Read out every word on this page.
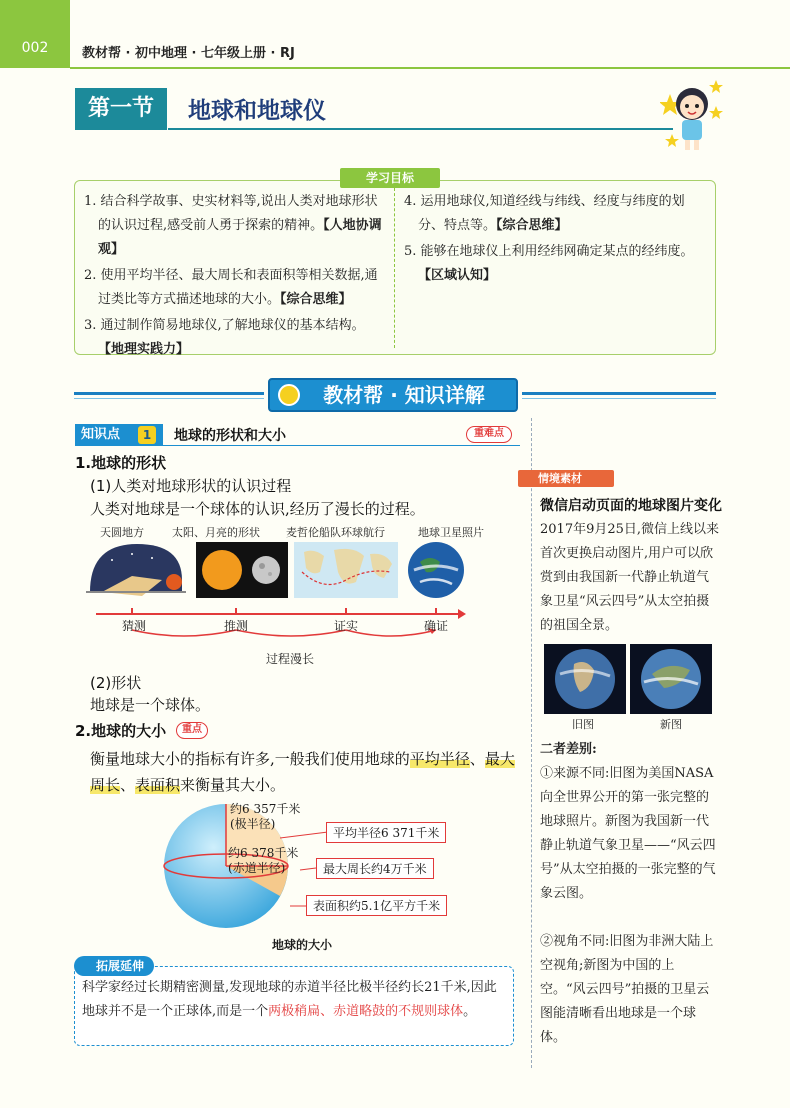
002	教材帮 · 初中地理 · 七年级上册 · RJ
第一节	地球和地球仪
学习目标
1. 结合科学故事、史实材料等,说出人类对地球形状的认识过程,感受前人勇于探索的精神。【人地协调观】
2. 使用平均半径、最大周长和表面积等相关数据,通过类比等方式描述地球的大小。【综合思维】
3. 通过制作简易地球仪,了解地球仪的基本结构。
【地理实践力】
4. 运用地球仪,知道经线与纬线、经度与纬度的划分、特点等。【综合思维】
5. 能够在地球仪上利用经纬网确定某点的经纬度。
【区域认知】
教材帮 · 知识详解
知识点	1	地球的形状和大小	重难点
1.地球的形状
(1)人类对地球形状的认识过程
人类对地球是一个球体的认识,经历了漫长的过程。
天圆地方	太阳、月亮的形状 麦哲伦船队环球航行	地球卫星照片
猜测	推测	证实	确证
过程漫长
(2)形状
地球是一个球体。
2.地球的大小	重点
衡量地球大小的指标有许多,一般我们使用地球的平均半径、最大周长、表面积来衡量其大小。
约6 357千米
(极半径)
约6 378千米
(赤道半径)
平均半径6 371千米
最大周长约4万千米
表面积约5.1亿平方千米
地球的大小
拓展延伸
科学家经过长期精密测量,发现地球的赤道半径比极半径约长21千米,因此地球并不是一个正球体,而是一个两极稍扁、赤道略鼓的不规则球体。
情境素材
微信启动页面的地球图片变化
2017年9月25日,微信上线以来首次更换启动图片,用户可以欣赏到由我国新一代静止轨道气象卫星“风云四号”从太空拍摄的祖国全景。
旧图	新图
二者差别:
①来源不同:旧图为美国NASA向全世界公开的第一张完整的地球照片。新图为我国新一代静止轨道气象卫星——“风云四号”从太空拍摄的一张完整的气象云图。
②视角不同:旧图为非洲大陆上空视角;新图为中国的上空。“风云四号”拍摄的卫星云图能清晰看出地球是一个球体。
